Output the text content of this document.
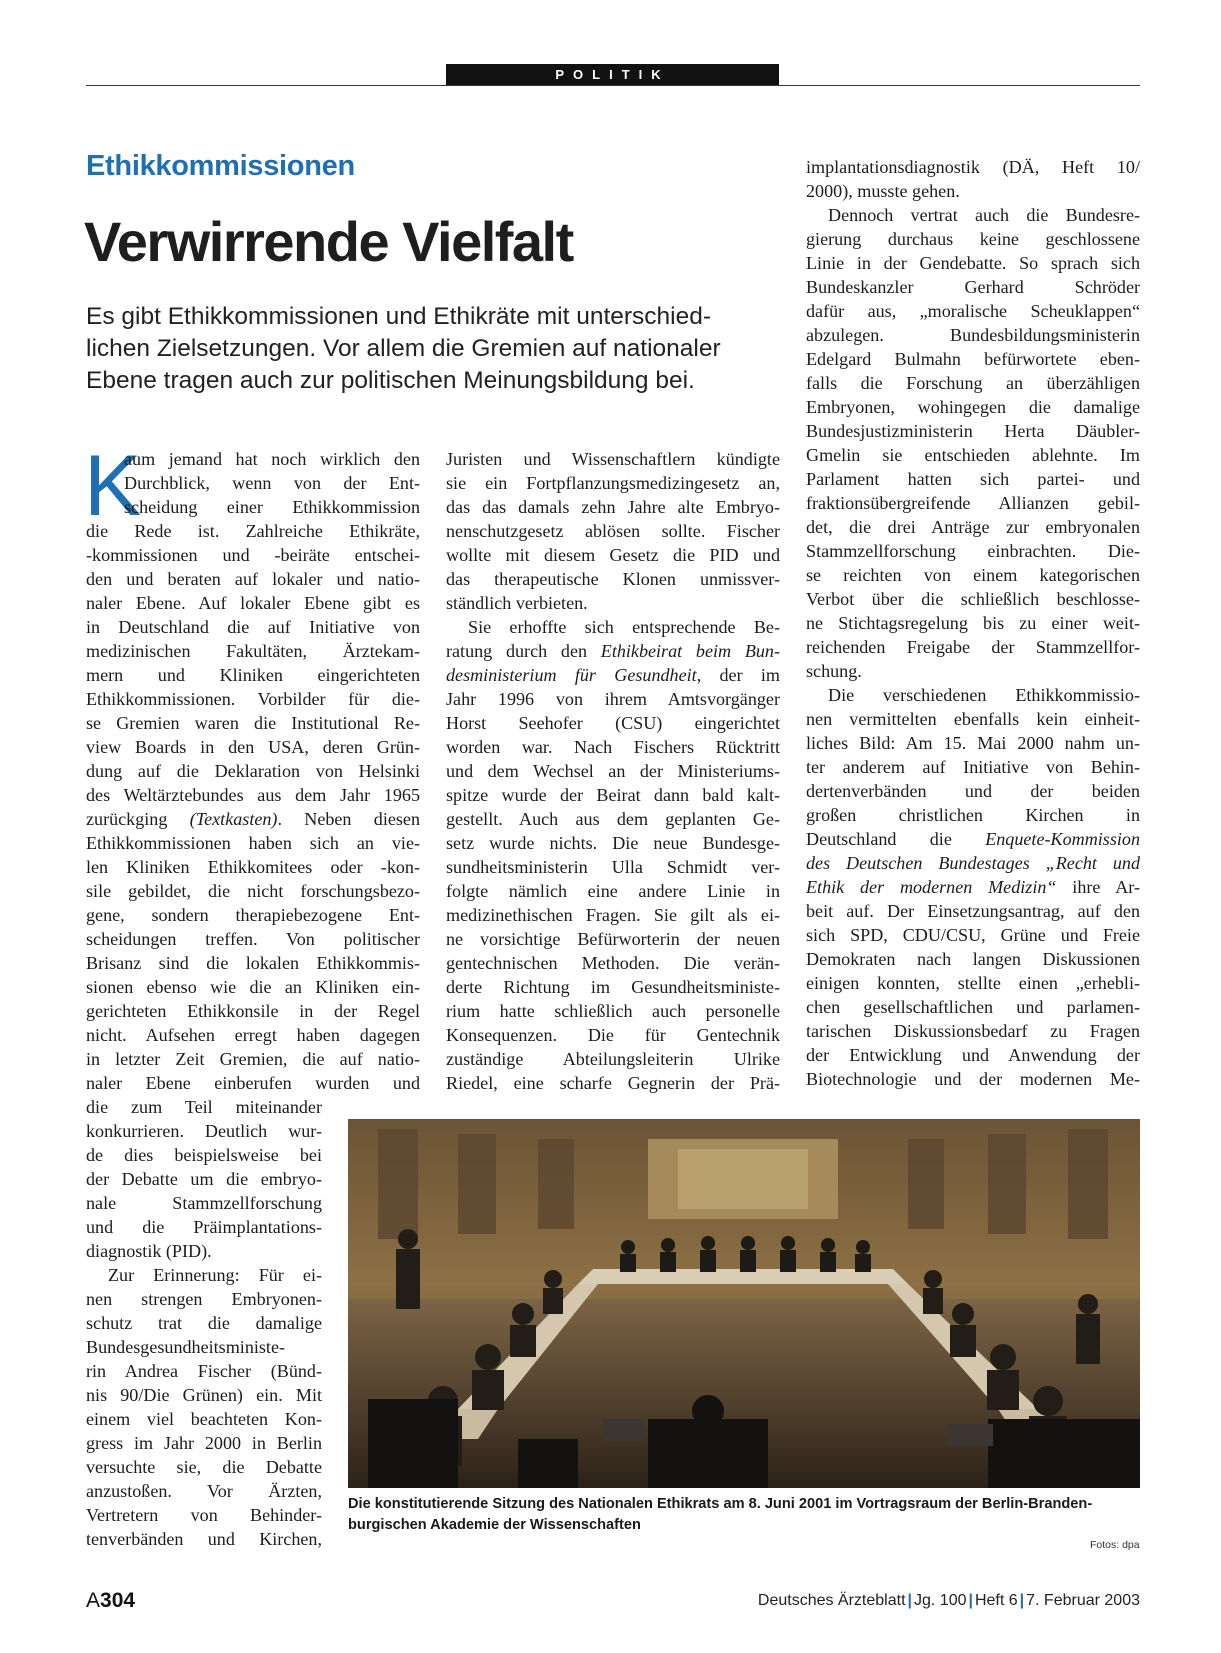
POLITIK
Ethikkommissionen
Verwirrende Vielfalt
Es gibt Ethikkommissionen und Ethikräte mit unterschied-
lichen Zielsetzungen. Vor allem die Gremien auf nationaler
Ebene tragen auch zur politischen Meinungsbildung bei.
K
aum jemand hat noch wirklich den
Durchblick, wenn von der Ent-
scheidung einer Ethikkommission
die Rede ist. Zahlreiche Ethikräte,
-kommissionen und -beiräte entschei-
den und beraten auf lokaler und natio-
naler Ebene. Auf lokaler Ebene gibt es
in Deutschland die auf Initiative von
medizinischen Fakultäten, Ärztekam-
mern und Kliniken eingerichteten
Ethikkommissionen. Vorbilder für die-
se Gremien waren die Institutional Re-
view Boards in den USA, deren Grün-
dung auf die Deklaration von Helsinki
des Weltärztebundes aus dem Jahr 1965
zurückging (Textkasten). Neben diesen
Ethikkommissionen haben sich an vie-
len Kliniken Ethikkomitees oder -kon-
sile gebildet, die nicht forschungsbezo-
gene, sondern therapiebezogene Ent-
scheidungen treffen. Von politischer
Brisanz sind die lokalen Ethikkommis-
sionen ebenso wie die an Kliniken ein-
gerichteten Ethikkonsile in der Regel
nicht. Aufsehen erregt haben dagegen
in letzter Zeit Gremien, die auf natio-
naler Ebene einberufen wurden und
die zum Teil miteinander
konkurrieren. Deutlich wur-
de dies beispielsweise bei
der Debatte um die embryo-
nale Stammzellforschung
und die Präimplantations-
diagnostik (PID).
Zur Erinnerung: Für ei-
nen strengen Embryonen-
schutz trat die damalige
Bundesgesundheitsministe-
rin Andrea Fischer (Bünd-
nis 90/Die Grünen) ein. Mit
einem viel beachteten Kon-
gress im Jahr 2000 in Berlin
versuchte sie, die Debatte
anzustoßen. Vor Ärzten,
Vertretern von Behinder-
tenverbänden und Kirchen,
Juristen und Wissenschaftlern kündigte
sie ein Fortpflanzungsmedizingesetz an,
das das damals zehn Jahre alte Embryo-
nenschutzgesetz ablösen sollte. Fischer
wollte mit diesem Gesetz die PID und
das therapeutische Klonen unmissver-
ständlich verbieten.
Sie erhoffte sich entsprechende Be-
ratung durch den Ethikbeirat beim Bun-
desministerium für Gesundheit, der im
Jahr 1996 von ihrem Amtsvorgänger
Horst Seehofer (CSU) eingerichtet
worden war. Nach Fischers Rücktritt
und dem Wechsel an der Ministeriums-
spitze wurde der Beirat dann bald kalt-
gestellt. Auch aus dem geplanten Ge-
setz wurde nichts. Die neue Bundesge-
sundheitsministerin Ulla Schmidt ver-
folgte nämlich eine andere Linie in
medizinethischen Fragen. Sie gilt als ei-
ne vorsichtige Befürworterin der neuen
gentechnischen Methoden. Die verän-
derte Richtung im Gesundheitsministe-
rium hatte schließlich auch personelle
Konsequenzen. Die für Gentechnik
zuständige Abteilungsleiterin Ulrike
Riedel, eine scharfe Gegnerin der Prä-
implantationsdiagnostik (DÄ, Heft 10/
2000), musste gehen.
Dennoch vertrat auch die Bundesre-
gierung durchaus keine geschlossene
Linie in der Gendebatte. So sprach sich
Bundeskanzler Gerhard Schröder
dafür aus, „moralische Scheuklappen“
abzulegen. Bundesbildungsministerin
Edelgard Bulmahn befürwortete eben-
falls die Forschung an überzähligen
Embryonen, wohingegen die damalige
Bundesjustizministerin Herta Däubler-
Gmelin sie entschieden ablehnte. Im
Parlament hatten sich partei- und
fraktionsübergreifende Allianzen gebil-
det, die drei Anträge zur embryonalen
Stammzellforschung einbrachten. Die-
se reichten von einem kategorischen
Verbot über die schließlich beschlosse-
ne Stichtagsregelung bis zu einer weit-
reichenden Freigabe der Stammzellfor-
schung.
Die verschiedenen Ethikkommissio-
nen vermittelten ebenfalls kein einheit-
liches Bild: Am 15. Mai 2000 nahm un-
ter anderem auf Initiative von Behin-
dertenverbänden und der beiden
großen christlichen Kirchen in
Deutschland die Enquete-Kommission
des Deutschen Bundestages „Recht und
Ethik der modernen Medizin“ ihre Ar-
beit auf. Der Einsetzungsantrag, auf den
sich SPD, CDU/CSU, Grüne und Freie
Demokraten nach langen Diskussionen
einigen konnten, stellte einen „erhebli-
chen gesellschaftlichen und parlamen-
tarischen Diskussionsbedarf zu Fragen
der Entwicklung und Anwendung der
Biotechnologie und der modernen Me-
Die konstitutierende Sitzung des Nationalen Ethikrats am 8. Juni 2001 im Vortragsraum der Berlin-Branden-
burgischen Akademie der Wissenschaften
Fotos: dpa
A304	Deutsches Ärzteblatt | Jg. 100 | Heft 6 | 7. Februar 2003
